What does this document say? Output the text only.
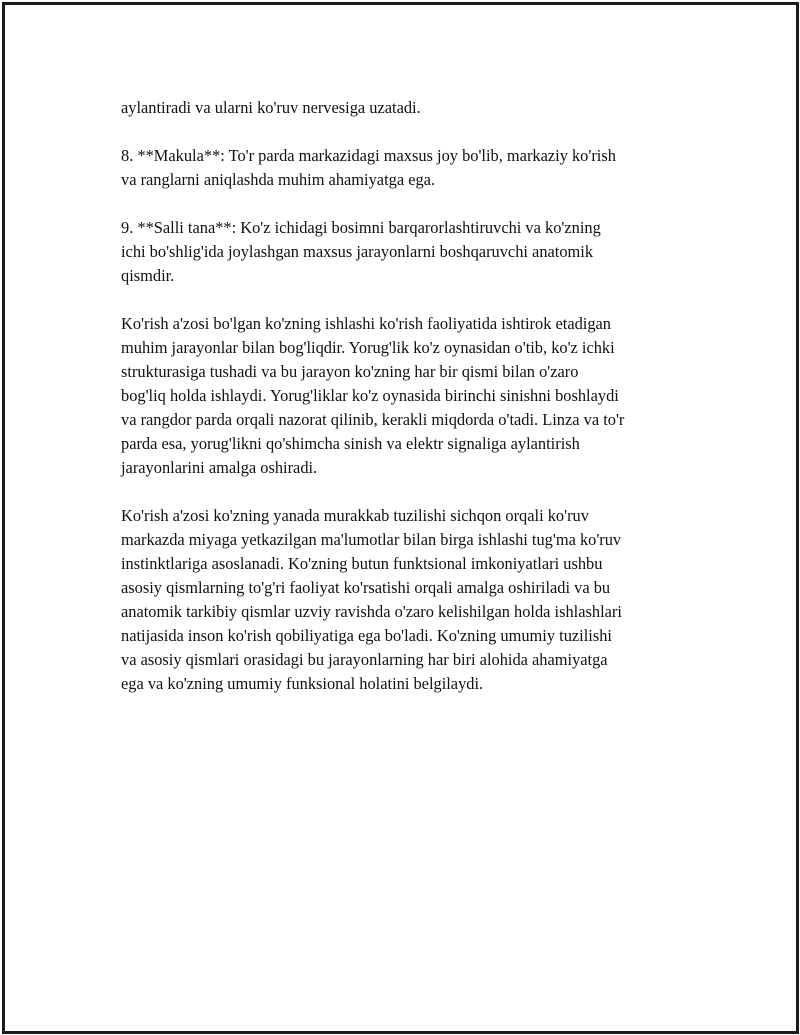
aylantiradi va ularni ko'ruv nervesiga uzatadi.

8. **Makula**: To'r parda markazidagi maxsus joy bo'lib, markaziy ko'rish
va ranglarni aniqlashda muhim ahamiyatga ega.

9. **Salli tana**: Ko'z ichidagi bosimni barqarorlashtiruvchi va ko'zning
ichi bo'shlig'ida joylashgan maxsus jarayonlarni boshqaruvchi anatomik
qismdir.

Ko'rish a'zosi bo'lgan ko'zning ishlashi ko'rish faoliyatida ishtirok etadigan
muhim jarayonlar bilan bog'liqdir. Yorug'lik ko'z oynasidan o'tib, ko'z ichki
strukturasiga tushadi va bu jarayon ko'zning har bir qismi bilan o'zaro
bog'liq holda ishlaydi. Yorug'liklar ko'z oynasida birinchi sinishni boshlaydi
va rangdor parda orqali nazorat qilinib, kerakli miqdorda o'tadi. Linza va to'r
parda esa, yorug'likni qo'shimcha sinish va elektr signaliga aylantirish
jarayonlarini amalga oshiradi.

Ko'rish a'zosi ko'zning yanada murakkab tuzilishi sichqon orqali ko'ruv
markazda miyaga yetkazilgan ma'lumotlar bilan birga ishlashi tug'ma ko'ruv
instinktlariga asoslanadi. Ko'zning butun funktsional imkoniyatlari ushbu
asosiy qismlarning to'g'ri faoliyat ko'rsatishi orqali amalga oshiriladi va bu
anatomik tarkibiy qismlar uzviy ravishda o'zaro kelishilgan holda ishlashlari
natijasida inson ko'rish qobiliyatiga ega bo'ladi. Ko'zning umumiy tuzilishi
va asosiy qismlari orasidagi bu jarayonlarning har biri alohida ahamiyatga
ega va ko'zning umumiy funksional holatini belgilaydi.
